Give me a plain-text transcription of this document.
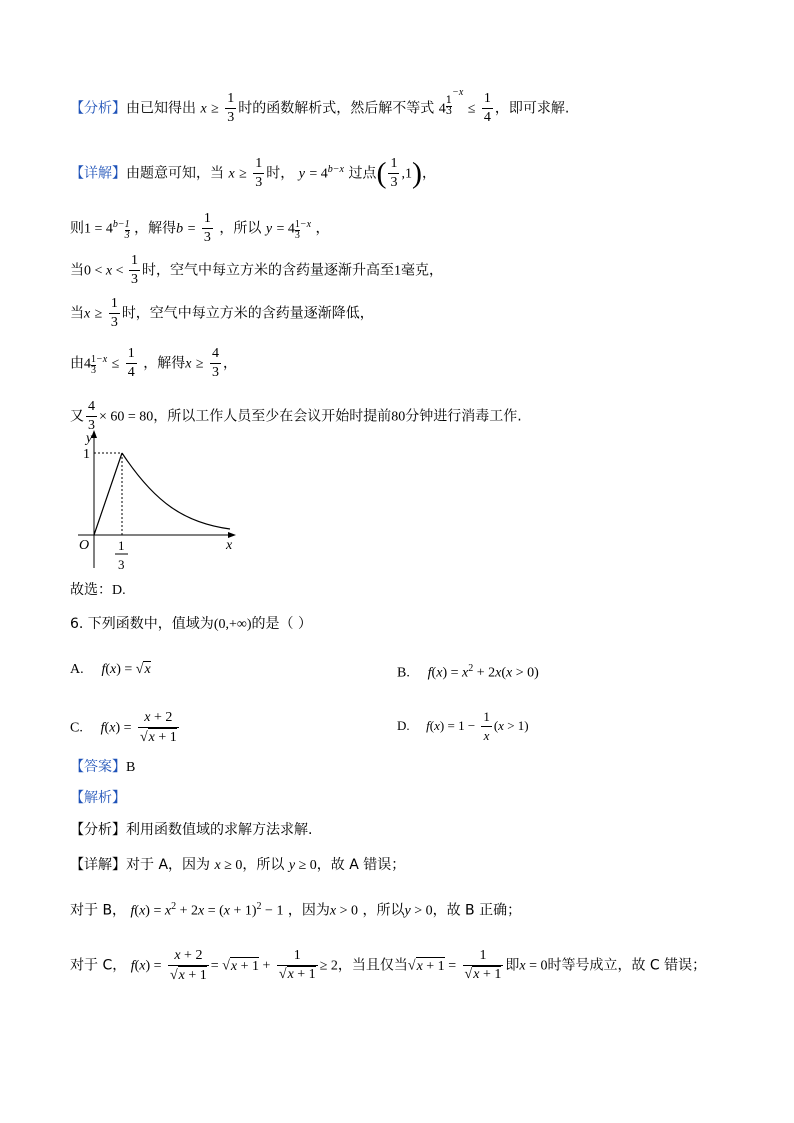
【分析】由已知得出 $x \ge \frac{1}{3}$ 时的函数解析式，然后解不等式 $4 \frac{1}{3}^{-x} \le \frac{1}{4}$ ，即可求解.
【详解】由题意可知，当 $x \ge \frac{1}{3}$ 时， $y = 4^{b-x}$ 过点( $\frac{1}{3} ,1$)，
则$1 = 4^{b- \frac{1}{3}}$ ，解得$b = \frac{1}{3}$ ，所以 y = 4 $^{\frac{1}{3}-x}$ ，
当$0 < x < \frac{1}{3}$ 时，空气中每立方米的含药量逐渐升高至1毫克，
当$x \ge \frac{1}{3}$ 时，空气中每立方米的含药量逐渐降低，
由4 $^{\frac{1}{3}-x} \le \frac{1}{4}$ ，解得$x \ge \frac{4}{3}$ ，
又 $\frac{4}{3} \times 60 = 80$，所以工作人员至少在会议开始时提前80分钟进行消毒工作.
y
x
O
1
1
3
故选：D.
6. 下列函数中，值域为(0,+∞)的是（ ）
A. f(x) = √x	B. $f(x) = x^2 + 2x(x > 0)$
C. $f(x) = \frac{x + 2}{√x + 1}$	D. $f(x) = 1 - \frac{1}{x} (x > 1)$
【答案】B
【解析】
【分析】利用函数值域的求解方法求解.
【详解】对于 A，因为 x ≥ 0，所以 y ≥ 0，故 A 错误；
对于 B， $f(x) = x^2 + 2x = (x + 1)^2 - 1$ ，因为x > 0 ，所以y > 0，故 B 正确；
对于 C， $f(x) = \frac{x + 2}{√x + 1} = √x + 1 + \frac{1}{√x + 1} \ge 2$，当且仅当$√x + 1 = \frac{1}{√x + 1}$ 即x = 0时等号成立，故 C 错误；
